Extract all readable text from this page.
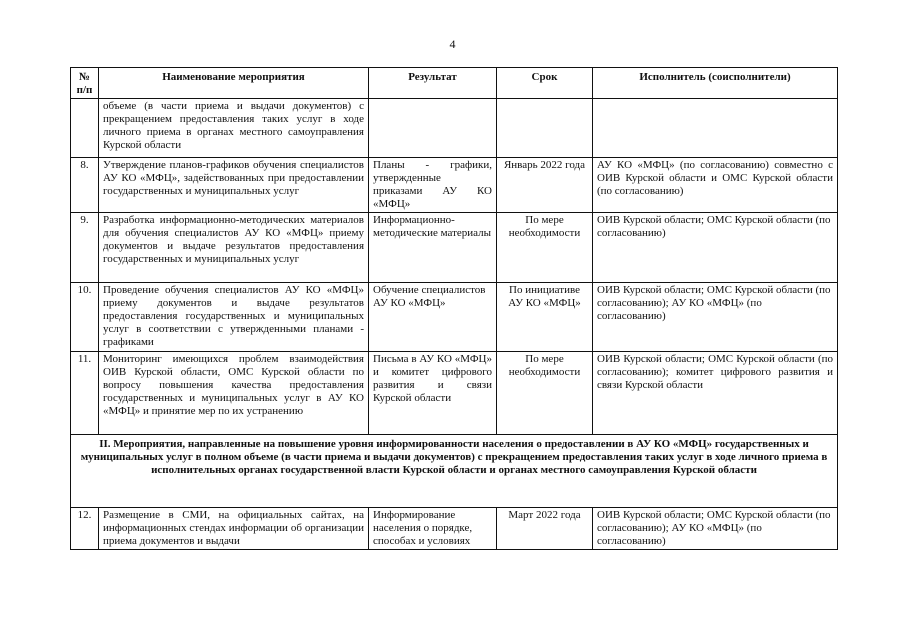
4
№ п/п	Наименование мероприятия	Результат	Срок	Исполнитель (соисполнители)
	объеме (в части приема и выдачи документов) с прекращением предоставления таких услуг в ходе личного приема в органах местного самоуправления Курской области			
8.	Утверждение планов-графиков обучения специалистов АУ КО «МФЦ», задействованных при предоставлении государственных и муниципальных услуг	Планы - графики, утвержденные приказами АУ КО «МФЦ»	Январь 2022 года	АУ КО «МФЦ» (по согласованию) совместно с ОИВ Курской области и ОМС Курской области (по согласованию)
9.	Разработка информационно-методических материалов для обучения специалистов АУ КО «МФЦ» приему документов и выдаче результатов предоставления государственных и муниципальных услуг	Информационно-методические материалы	По мере необходимости	ОИВ Курской области; ОМС Курской области (по согласованию)
10.	Проведение обучения специалистов АУ КО «МФЦ» приему документов и выдаче результатов предоставления государственных и муниципальных услуг в соответствии с утвержденными планами - графиками	Обучение специалистов АУ КО «МФЦ»	По инициативе АУ КО «МФЦ»	ОИВ Курской области; ОМС Курской области (по согласованию); АУ КО «МФЦ» (по согласованию)
11.	Мониторинг имеющихся проблем взаимодействия ОИВ Курской области, ОМС Курской области по вопросу повышения качества предоставления государственных и муниципальных услуг в АУ КО «МФЦ» и принятие мер по их устранению	Письма в АУ КО «МФЦ» и комитет цифрового развития и связи Курской области	По мере необходимости	ОИВ Курской области; ОМС Курской области (по согласованию); комитет цифрового развития и связи Курской области
II. Мероприятия, направленные на повышение уровня информированности населения о предоставлении в АУ КО «МФЦ» государственных и муниципальных услуг в полном объеме (в части приема и выдачи документов) с прекращением предоставления таких услуг в ходе личного приема в исполнительных органах государственной власти Курской области и органах местного самоуправления Курской области				
12.	Размещение в СМИ, на официальных сайтах, на информационных стендах информации об организации приема документов и выдачи	Информирование населения о порядке, способах и условиях	Март 2022 года	ОИВ Курской области; ОМС Курской области (по согласованию); АУ КО «МФЦ» (по согласованию)
